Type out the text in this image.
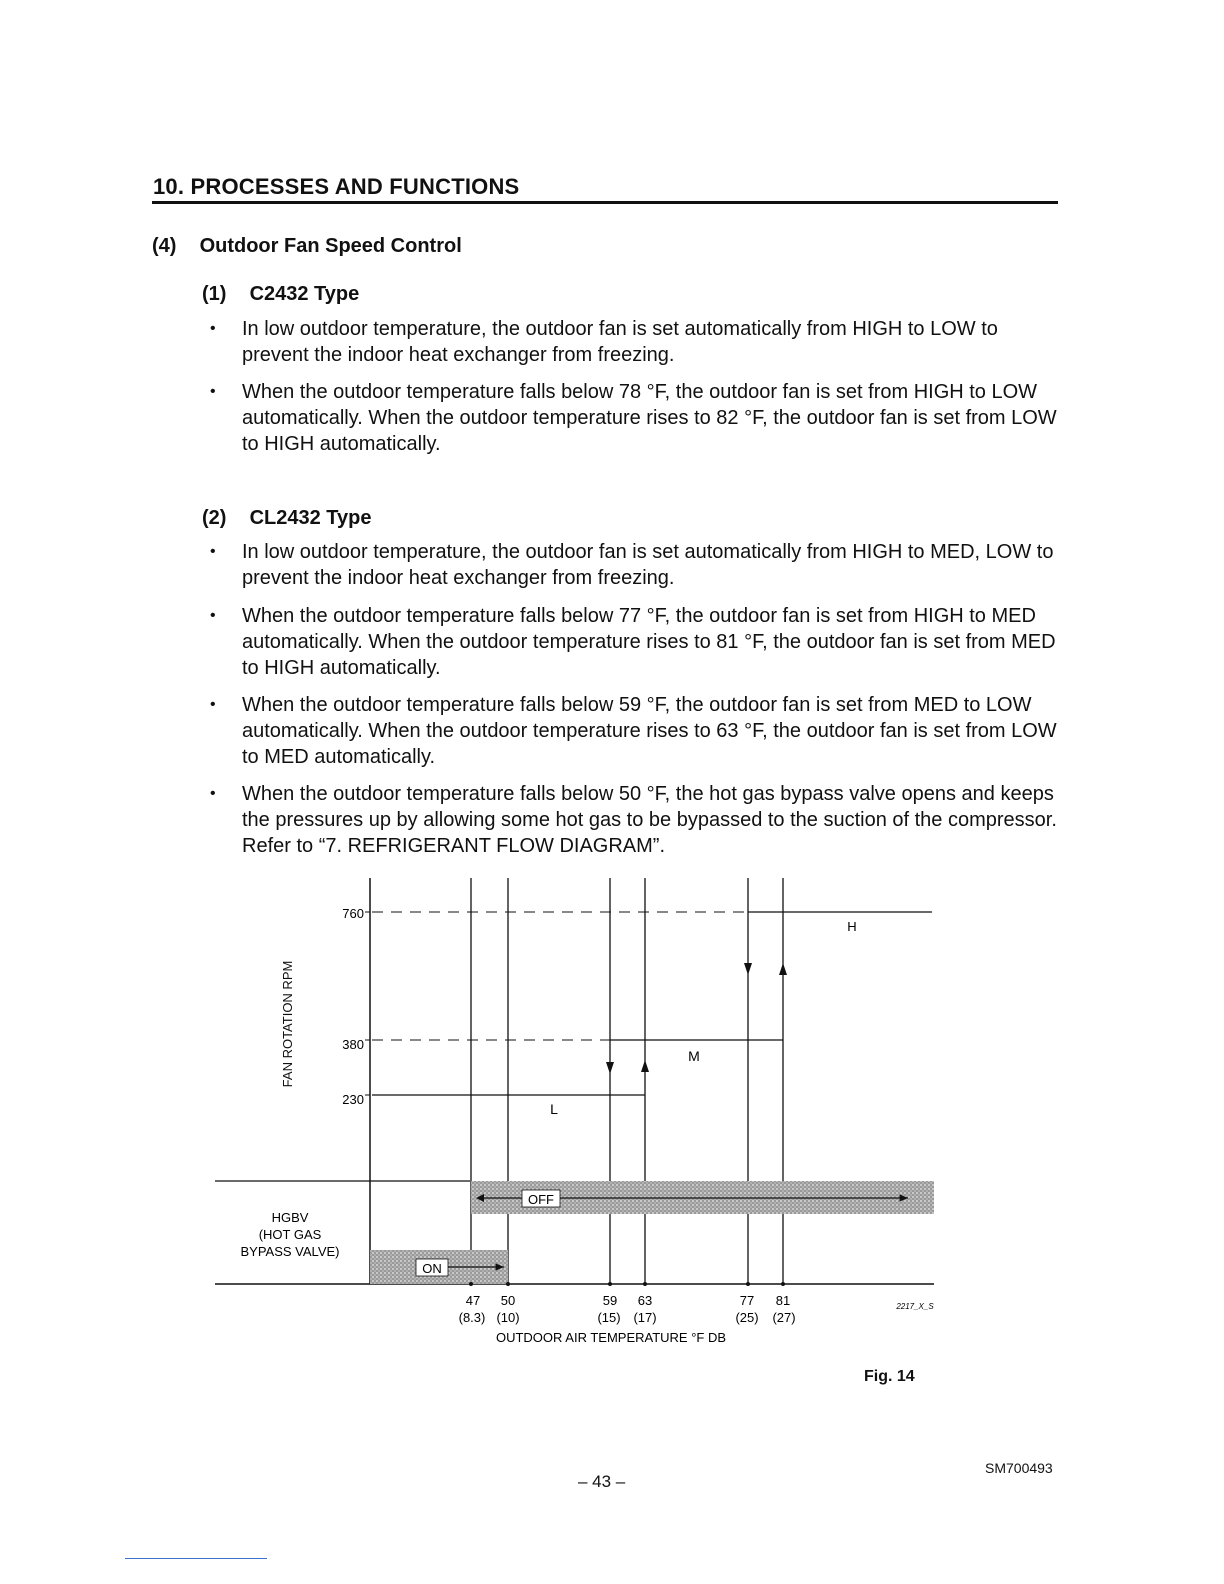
10. PROCESSES AND FUNCTIONS
(4) Outdoor Fan Speed Control
(1) C2432 Type
•	In low outdoor temperature, the outdoor fan is set automatically from HIGH to LOW to prevent the indoor heat exchanger from freezing.
•	When the outdoor temperature falls below 78 °F, the outdoor fan is set from HIGH to LOW automatically. When the outdoor temperature rises to 82 °F, the outdoor fan is set from LOW to HIGH automatically.
(2) CL2432 Type
•	In low outdoor temperature, the outdoor fan is set automatically from HIGH to MED, LOW to prevent the indoor heat exchanger from freezing.
•	When the outdoor temperature falls below 77 °F, the outdoor fan is set from HIGH to MED automatically. When the outdoor temperature rises to 81 °F, the outdoor fan is set from MED to HIGH automatically.
•	When the outdoor temperature falls below 59 °F, the outdoor fan is set from MED to LOW automatically. When the outdoor temperature rises to 63 °F, the outdoor fan is set from LOW to MED automatically.
•	When the outdoor temperature falls below 50 °F, the hot gas bypass valve opens and keeps the pressures up by allowing some hot gas to be bypassed to the suction of the compressor. Refer to “7. REFRIGERANT FLOW DIAGRAM”.
FAN ROTATION RPM
760
380
230
H
M
L
OFF
ON
HGBV
(HOT GAS
BYPASS VALVE)
47 50	59 63	77 81
(8.3) (10)	(15) (17)	(25) (27)
OUTDOOR AIR TEMPERATURE °F DB
2217_X_S
Fig. 14
– 43 –
SM700493
